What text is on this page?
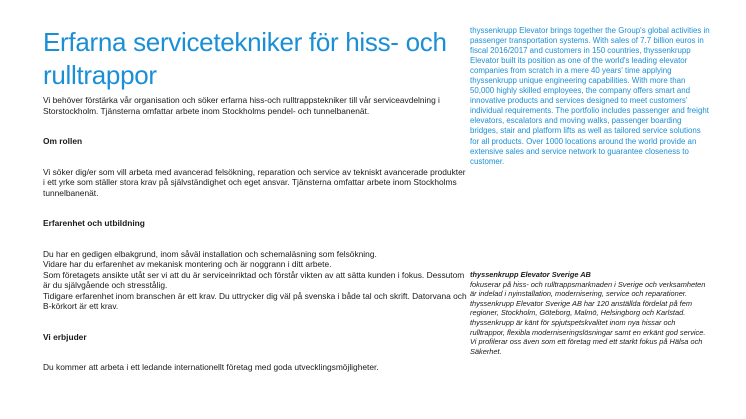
Erfarna servicetekniker för hiss- och rulltrappor

Vi behöver förstärka vår organisation och söker erfarna hiss-och rulltrappstekniker till vår serviceavdelning i Storstockholm. Tjänsterna omfattar arbete inom Stockholms pendel- och tunnelbanenät.

Om rollen

Vi söker dig/er som vill arbeta med avancerad felsökning, reparation och service av tekniskt avancerade produkter i ett yrke som ställer stora krav på självständighet och eget ansvar. Tjänsterna omfattar arbete inom Stockholms tunnelbanenät.

Erfarenhet och utbildning

Du har en gedigen elbakgrund, inom såväl installation och schemaläsning som felsökning.

Vidare har du erfarenhet av mekanisk montering och är noggrann i ditt arbete.

Som företagets ansikte utåt ser vi att du är serviceinriktad och förstår vikten av att sätta kunden i fokus. Dessutom är du självgående och stresstålig.

Tidigare erfarenhet inom branschen är ett krav. Du uttrycker dig väl på svenska i både tal och skrift. Datorvana och B-körkort är ett krav.

Vi erbjuder

Du kommer att arbeta i ett ledande internationellt företag med goda utvecklingsmöjligheter.

thyssenkrupp Elevator brings together the Group's global activities in passenger transportation systems. With sales of 7.7 billion euros in fiscal 2016/2017 and customers in 150 countries, thyssenkrupp Elevator built its position as one of the world's leading elevator companies from scratch in a mere 40 years' time applying thyssenkrupp unique engineering capabilities. With more than 50,000 highly skilled employees, the company offers smart and innovative products and services designed to meet customers' individual requirements. The portfolio includes passenger and freight elevators, escalators and moving walks, passenger boarding bridges, stair and platform lifts as well as tailored service solutions for all products. Over 1000 locations around the world provide an extensive sales and service network to guarantee closeness to customer.

thyssenkrupp Elevator Sverige AB

fokuserar på hiss- och rulltrappsmarknaden i Sverige och verksamheten är indelad i nyinstallation, modernisering, service och reparationer. thyssenkrupp Elevator Sverige AB har 120 anställda fördelat på fem regioner, Stockholm, Göteborg, Malmö, Helsingborg och Karlstad. thyssenkrupp är känt för spjutspetskvalitet inom nya hissar och rulltrappor, flexibla moderniseringslösningar samt en erkänt god service. Vi profilerar oss även som ett företag med ett starkt fokus på Hälsa och Säkerhet.
